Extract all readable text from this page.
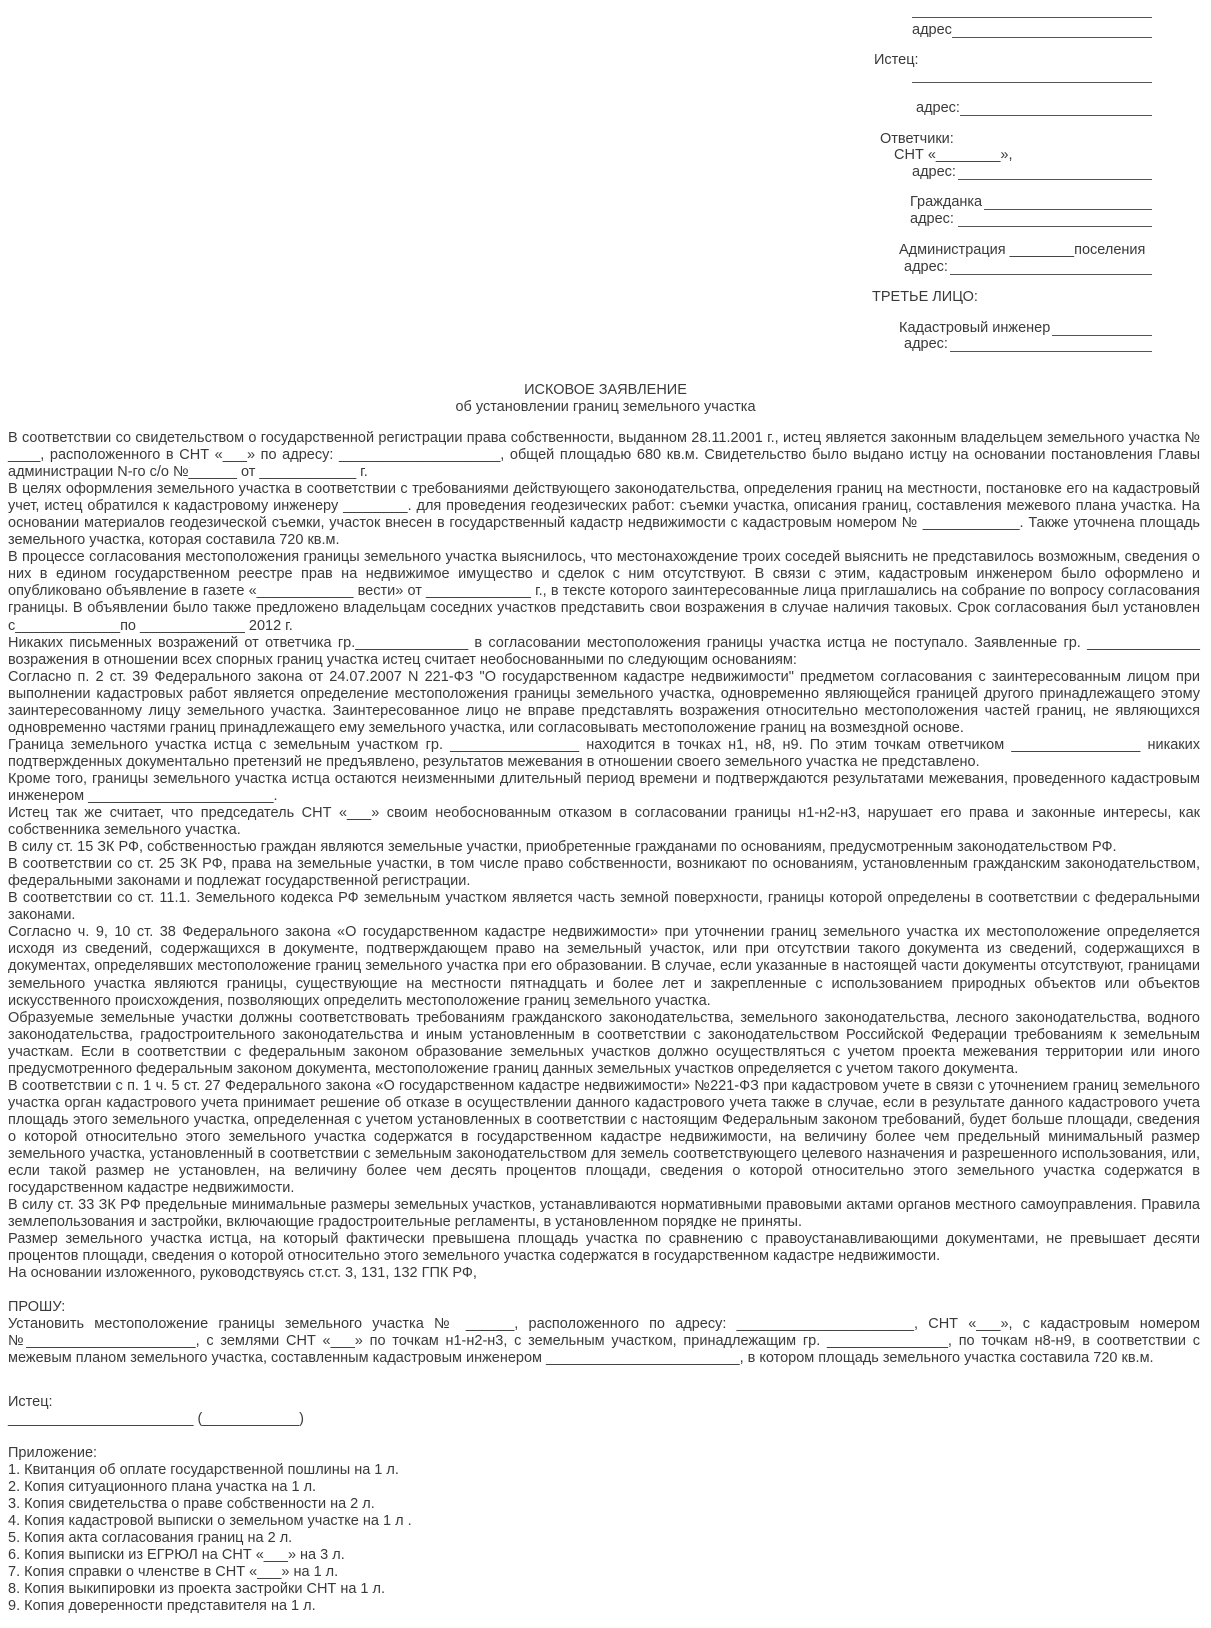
адрес
Истец:
адрес:
Ответчики:
СНТ «________»,
адрес:
Гражданка
адрес:
Администрация ________поселения
адрес:
ТРЕТЬЕ ЛИЦО:
Кадастровый инженер
адрес:
ИСКОВОЕ ЗАЯВЛЕНИЕ
об установлении границ земельного участка

В соответствии со свидетельством о государственной регистрации права собственности, выданном 28.11.2001 г., истец является законным владельцем земельного участка № ____, расположенного в СНТ «___» по адресу: ____________________, общей площадью 680 кв.м. Свидетельство было выдано истцу на основании постановления Главы администрации N-го с/о №______ от ____________ г.

В целях оформления земельного участка в соответствии с требованиями действующего законодательства, определения границ на местности, постановке его на кадастровый учет, истец обратился к кадастровому инженеру ________. для проведения геодезических работ: съемки участка, описания границ, составления межевого плана участка. На основании материалов геодезической съемки, участок внесен в государственный кадастр недвижимости с кадастровым номером № ____________. Также уточнена площадь земельного участка, которая составила 720 кв.м.

В процессе согласования местоположения границы земельного участка выяснилось, что местонахождение троих соседей выяснить не представилось возможным, сведения о них в едином государственном реестре прав на недвижимое имущество и сделок с ним отсутствуют. В связи с этим, кадастровым инженером было оформлено и опубликовано объявление в газете «____________ вести» от _____________ г., в тексте которого заинтересованные лица приглашались на собрание по вопросу согласования границы. В объявлении было также предложено владельцам соседних участков представить свои возражения в случае наличия таковых. Срок согласования был установлен с_____________по _____________ 2012 г.

Никаких письменных возражений от ответчика гр.______________ в согласовании местоположения границы участка истца не поступало. Заявленные гр. ______________ возражения в отношении всех спорных границ участка истец считает необоснованными по следующим основаниям:

Согласно п. 2 ст. 39 Федерального закона от 24.07.2007 N 221-ФЗ "О государственном кадастре недвижимости" предметом согласования с заинтересованным лицом при выполнении кадастровых работ является определение местоположения границы земельного участка, одновременно являющейся границей другого принадлежащего этому заинтересованному лицу земельного участка. Заинтересованное лицо не вправе представлять возражения относительно местоположения частей границ, не являющихся одновременно частями границ принадлежащего ему земельного участка, или согласовывать местоположение границ на возмездной основе.

Граница земельного участка истца с земельным участком гр. ________________ находится в точках н1, н8, н9. По этим точкам ответчиком ________________ никаких подтвержденных документально претензий не предъявлено, результатов межевания в отношении своего земельного участка не представлено.

Кроме того, границы земельного участка истца остаются неизменными длительный период времени и подтверждаются результатами межевания, проведенного кадастровым инженером _______________________.

Истец так же считает, что председатель СНТ «___» своим необоснованным отказом в согласовании границы н1-н2-н3, нарушает его права и законные интересы, как собственника земельного участка.

В силу ст. 15 ЗК РФ, собственностью граждан являются земельные участки, приобретенные гражданами по основаниям, предусмотренным законодательством РФ.

В соответствии со ст. 25 ЗК РФ, права на земельные участки, в том числе право собственности, возникают по основаниям, установленным гражданским законодательством, федеральными законами и подлежат государственной регистрации.

В соответствии со ст. 11.1. Земельного кодекса РФ земельным участком является часть земной поверхности, границы которой определены в соответствии с федеральными законами.

Согласно ч. 9, 10 ст. 38 Федерального закона «О государственном кадастре недвижимости» при уточнении границ земельного участка их местоположение определяется исходя из сведений, содержащихся в документе, подтверждающем право на земельный участок, или при отсутствии такого документа из сведений, содержащихся в документах, определявших местоположение границ земельного участка при его образовании. В случае, если указанные в настоящей части документы отсутствуют, границами земельного участка являются границы, существующие на местности пятнадцать и более лет и закрепленные с использованием природных объектов или объектов искусственного происхождения, позволяющих определить местоположение границ земельного участка.

Образуемые земельные участки должны соответствовать требованиям гражданского законодательства, земельного законодательства, лесного законодательства, водного законодательства, градостроительного законодательства и иным установленным в соответствии с законодательством Российской Федерации требованиям к земельным участкам. Если в соответствии с федеральным законом образование земельных участков должно осуществляться с учетом проекта межевания территории или иного предусмотренного федеральным законом документа, местоположение границ данных земельных участков определяется с учетом такого документа.

В соответствии с п. 1 ч. 5 ст. 27 Федерального закона «О государственном кадастре недвижимости» №221-ФЗ при кадастровом учете в связи с уточнением границ земельного участка орган кадастрового учета принимает решение об отказе в осуществлении данного кадастрового учета также в случае, если в результате данного кадастрового учета площадь этого земельного участка, определенная с учетом установленных в соответствии с настоящим Федеральным законом требований, будет больше площади, сведения о которой относительно этого земельного участка содержатся в государственном кадастре недвижимости, на величину более чем предельный минимальный размер земельного участка, установленный в соответствии с земельным законодательством для земель соответствующего целевого назначения и разрешенного использования, или, если такой размер не установлен, на величину более чем десять процентов площади, сведения о которой относительно этого земельного участка содержатся в государственном кадастре недвижимости.

В силу ст. 33 ЗК РФ предельные минимальные размеры земельных участков, устанавливаются нормативными правовыми актами органов местного самоуправления. Правила землепользования и застройки, включающие градостроительные регламенты, в установленном порядке не приняты.

Размер земельного участка истца, на который фактически превышена площадь участка по сравнению с правоустанавливающими документами, не превышает десяти процентов площади, сведения о которой относительно этого земельного участка содержатся в государственном кадастре недвижимости.

На основании изложенного, руководствуясь ст.ст. 3, 131, 132 ГПК РФ,

ПРОШУ:

Установить местоположение границы земельного участка № ______, расположенного по адресу: ______________________, СНТ «___», с кадастровым номером №_____________________, с землями СНТ «___» по точкам н1-н2-н3, с земельным участком, принадлежащим гр. _______________, по точкам н8-н9, в соответствии с межевым планом земельного участка, составленным кадастровым инженером ________________________, в котором площадь земельного участка составила 720 кв.м.

Истец:

_______________________ (____________)

Приложение:

1. Квитанция об оплате государственной пошлины на 1 л.

2. Копия ситуационного плана участка на 1 л.

3. Копия свидетельства о праве собственности на 2 л.

4. Копия кадастровой выписки о земельном участке на 1 л .

5. Копия акта согласования границ на 2 л.

6. Копия выписки из ЕГРЮЛ на СНТ «___» на 3 л.

7. Копия справки о членстве в СНТ «___» на 1 л.

8. Копия выкипировки из проекта застройки СНТ на 1 л.

9. Копия доверенности представителя на 1 л.
